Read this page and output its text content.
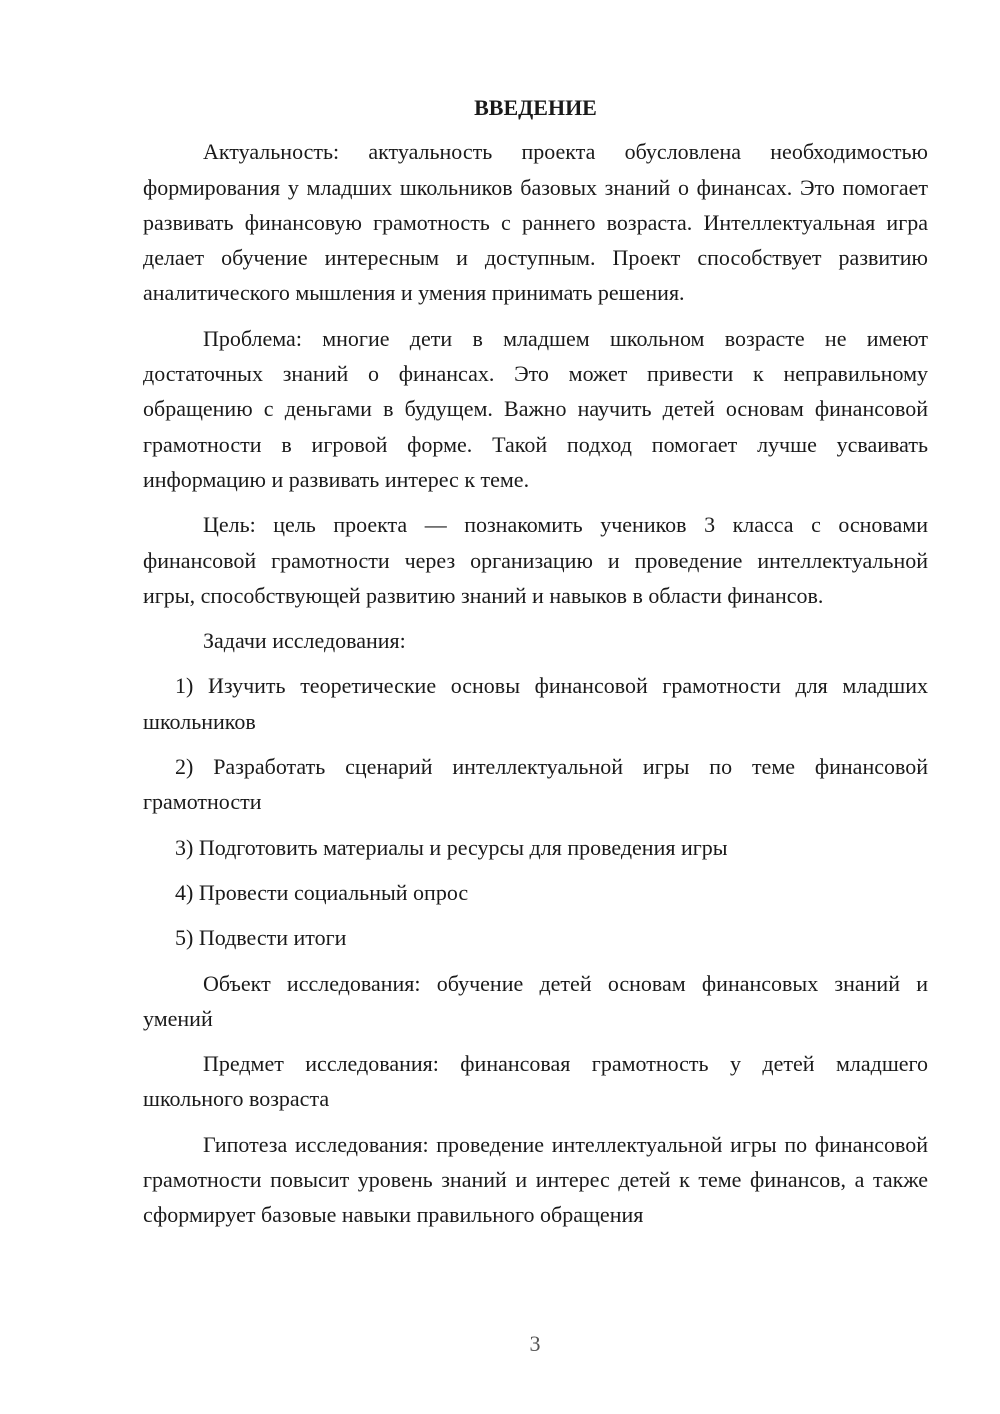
ВВЕДЕНИЕ

Актуальность: актуальность проекта обусловлена необходимостью формирования у младших школьников базовых знаний о финансах. Это помогает развивать финансовую грамотность с раннего возраста. Интеллектуальная игра делает обучение интересным и доступным. Проект способствует развитию аналитического мышления и умения принимать решения.

Проблема: многие дети в младшем школьном возрасте не имеют достаточных знаний о финансах. Это может привести к неправильному обращению с деньгами в будущем. Важно научить детей основам финансовой грамотности в игровой форме. Такой подход помогает лучше усваивать информацию и развивать интерес к теме.

Цель: цель проекта — познакомить учеников 3 класса с основами финансовой грамотности через организацию и проведение интеллектуальной игры, способствующей развитию знаний и навыков в области финансов.

Задачи исследования:

1) Изучить теоретические основы финансовой грамотности для младших школьников

2) Разработать сценарий интеллектуальной игры по теме финансовой грамотности

3) Подготовить материалы и ресурсы для проведения игры

4) Провести социальный опрос

5) Подвести итоги

Объект исследования: обучение детей основам финансовых знаний и умений

Предмет исследования: финансовая грамотность у детей младшего школьного возраста

Гипотеза исследования: проведение интеллектуальной игры по финансовой грамотности повысит уровень знаний и интерес детей к теме финансов, а также сформирует базовые навыки правильного обращения

3
